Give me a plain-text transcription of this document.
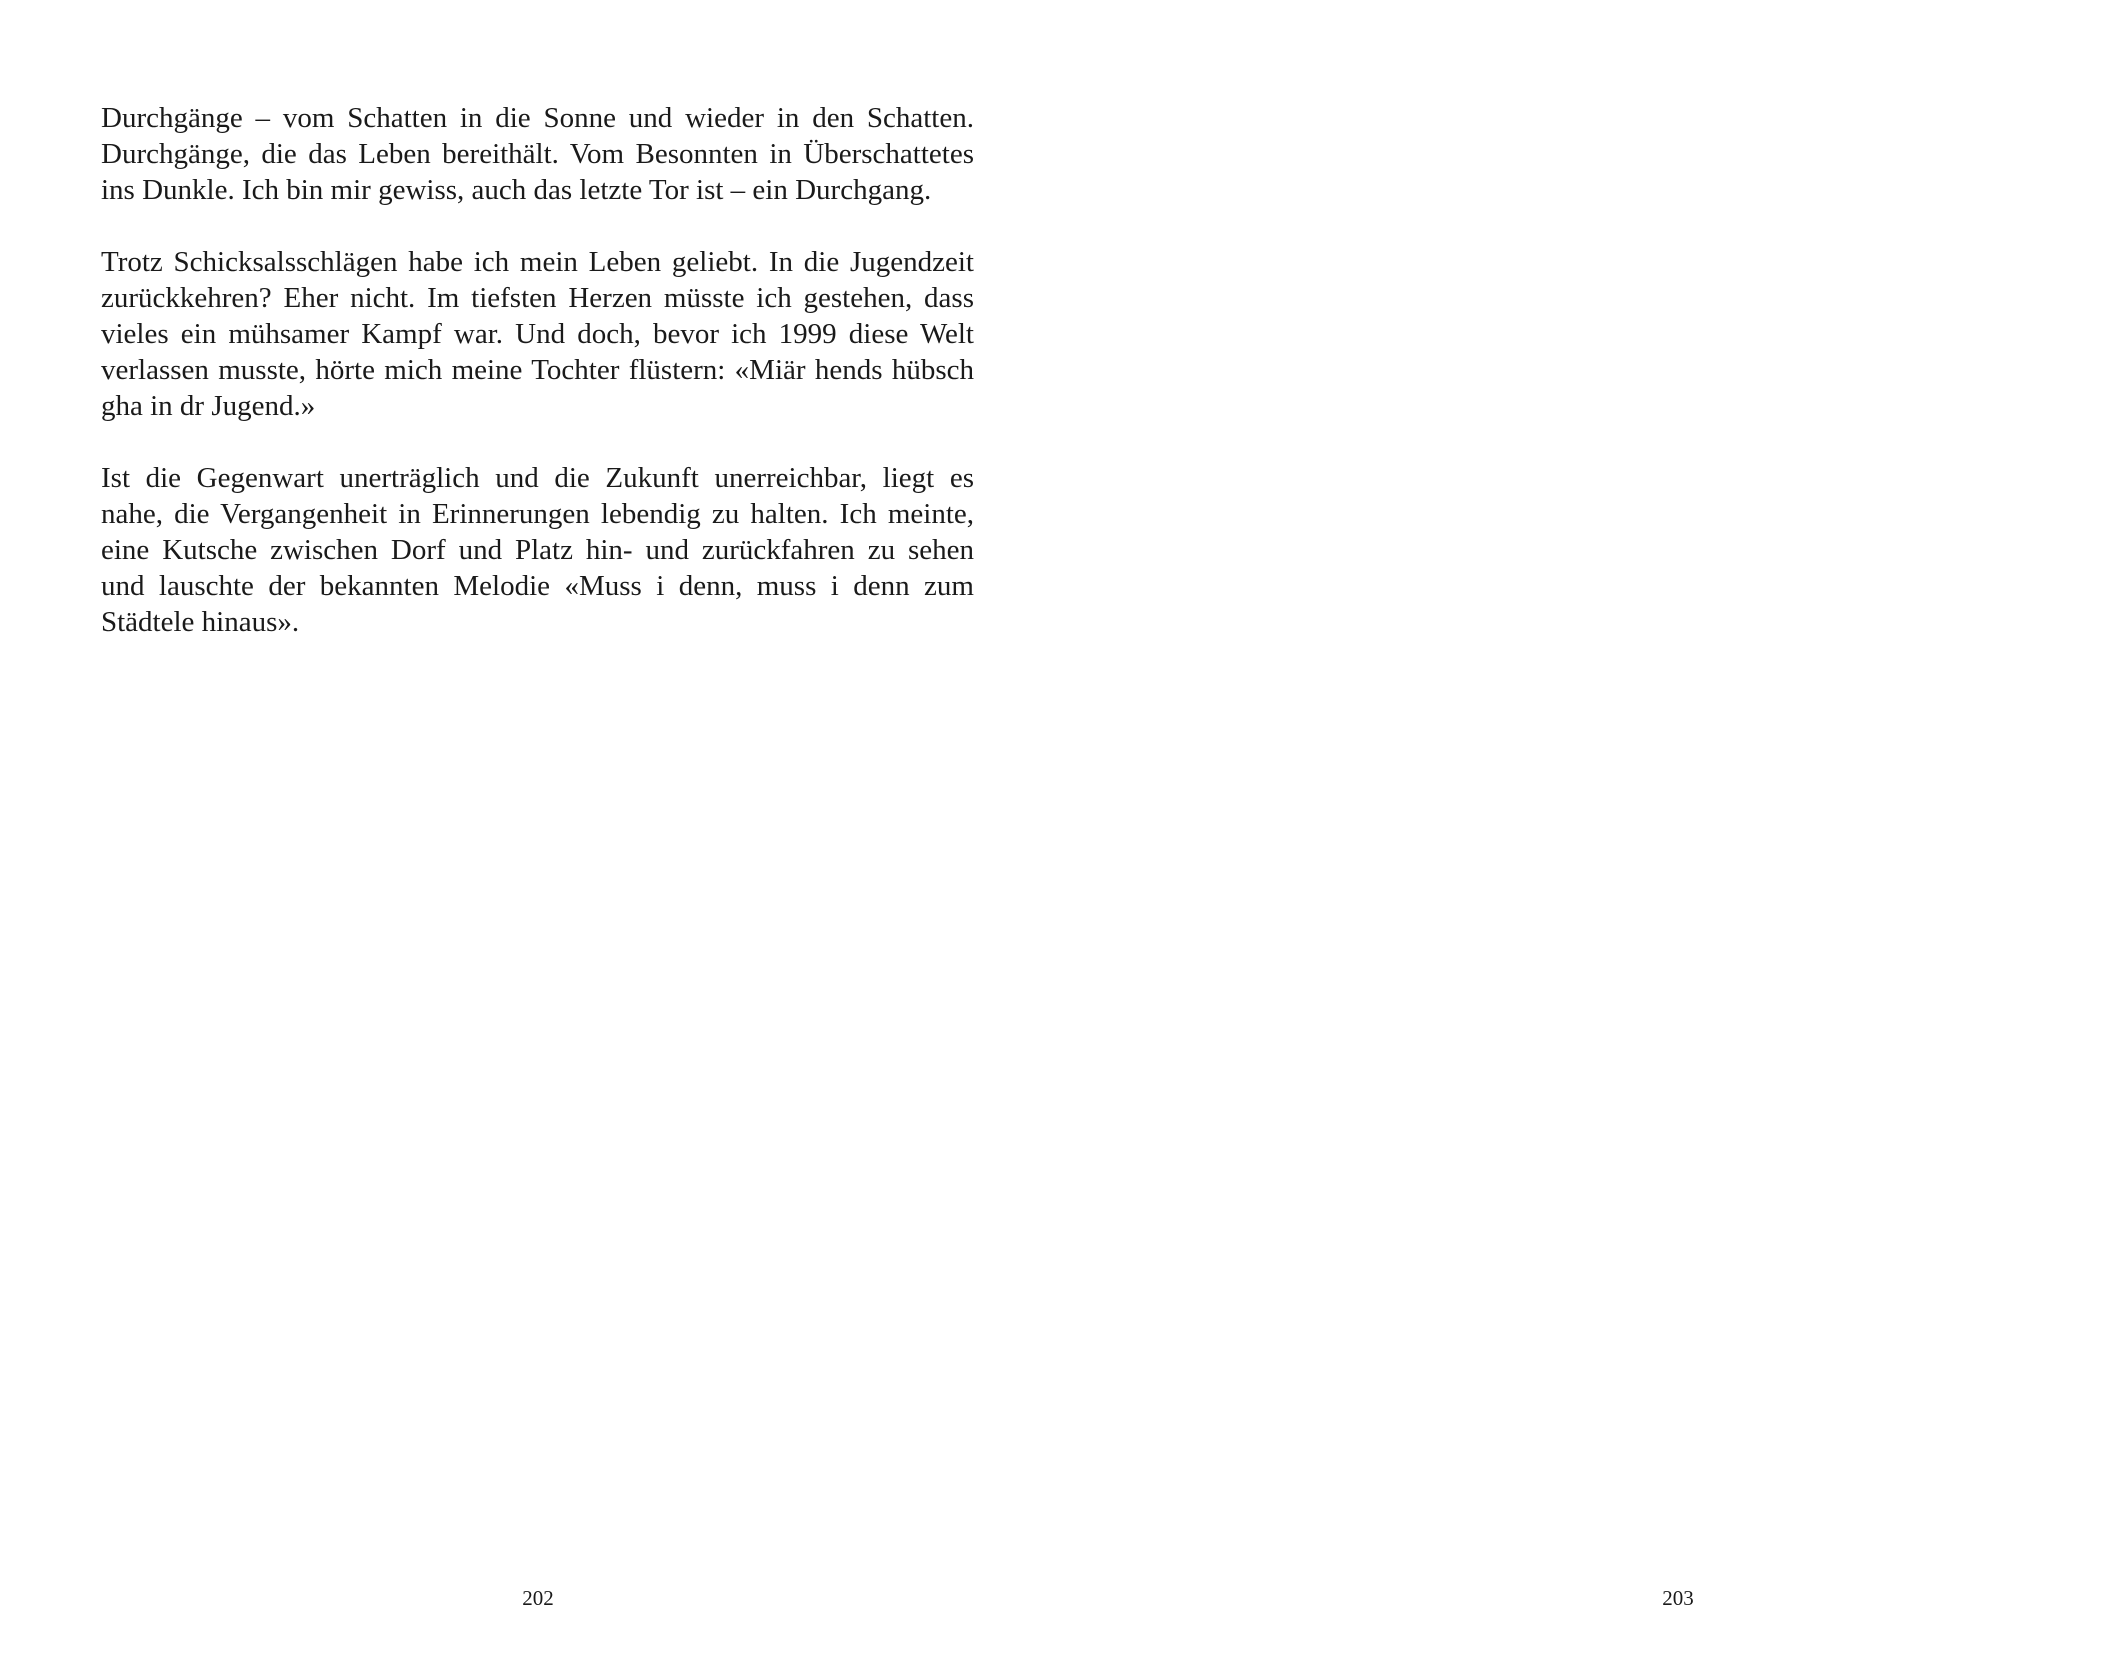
Durchgänge – vom Schatten in die Sonne und wieder in den Schatten.
Durchgänge, die das Leben bereithält. Vom Besonnten in Überschattetes
ins Dunkle. Ich bin mir gewiss, auch das letzte Tor ist – ein Durchgang.

Trotz Schicksalsschlägen habe ich mein Leben geliebt. In die Jugendzeit
zurückkehren? Eher nicht. Im tiefsten Herzen müsste ich gestehen, dass
vieles ein mühsamer Kampf war. Und doch, bevor ich 1999 diese Welt
verlassen musste, hörte mich meine Tochter flüstern: «Miär hends hübsch
gha in dr Jugend.»

Ist die Gegenwart unerträglich und die Zukunft unerreichbar, liegt es
nahe, die Vergangenheit in Erinnerungen lebendig zu halten. Ich meinte,
eine Kutsche zwischen Dorf und Platz hin- und zurückfahren zu sehen
und lauschte der bekannten Melodie «Muss i denn, muss i denn zum
Städtele hinaus».

202	203
